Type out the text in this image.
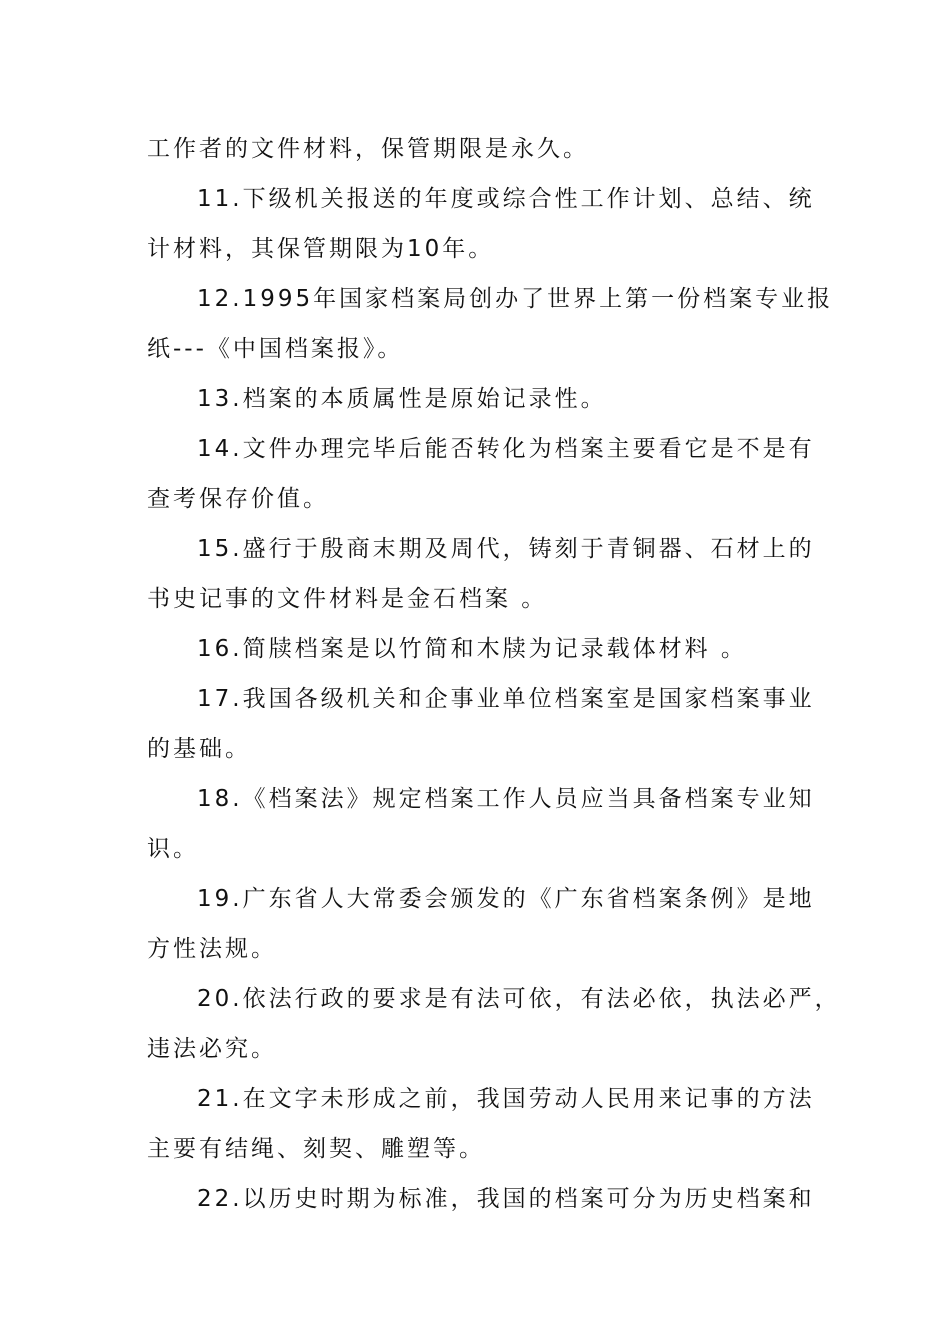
工作者的文件材料，保管期限是永久。
11.下级机关报送的年度或综合性工作计划、总结、统
计材料，其保管期限为10年。
12.1995年国家档案局创办了世界上第一份档案专业报
纸---《中国档案报》。
13.档案的本质属性是原始记录性。
14.文件办理完毕后能否转化为档案主要看它是不是有
查考保存价值。
15.盛行于殷商末期及周代，铸刻于青铜器、石材上的
书史记事的文件材料是金石档案 。
16.简牍档案是以竹简和木牍为记录载体材料 。
17.我国各级机关和企事业单位档案室是国家档案事业
的基础。
18.《档案法》规定档案工作人员应当具备档案专业知
识。
19.广东省人大常委会颁发的《广东省档案条例》是地
方性法规。
20.依法行政的要求是有法可依，有法必依，执法必严，
违法必究。
21.在文字未形成之前，我国劳动人民用来记事的方法
主要有结绳、刻契、雕塑等。
22.以历史时期为标准，我国的档案可分为历史档案和
